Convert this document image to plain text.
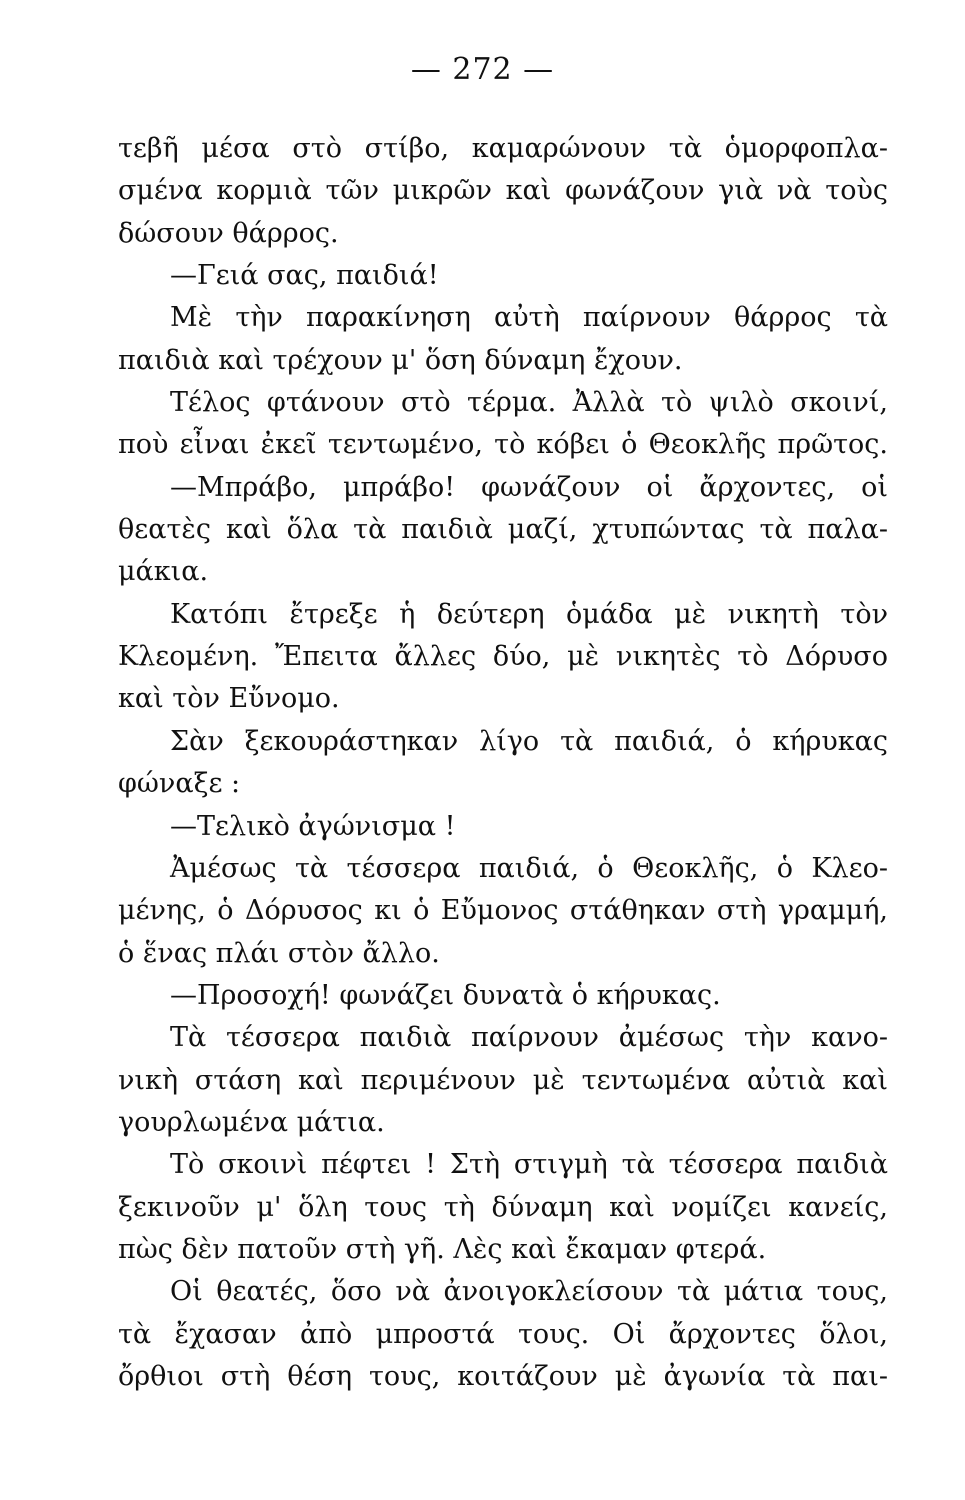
— 272 —
τεβῆ μέσα στὸ στίβο, καμαρώνουν τὰ ὁμορφοπλα-
σμένα κορμιὰ τῶν μικρῶν καὶ φωνάζουν γιὰ νὰ τοὺς
δώσουν θάρρος.
—Γειά σας, παιδιά!
Μὲ τὴν παρακίνηση αὐτὴ παίρνουν θάρρος τὰ
παιδιὰ καὶ τρέχουν μ' ὅση δύναμη ἔχουν.
Τέλος φτάνουν στὸ τέρμα. Ἀλλὰ τὸ ψιλὸ σκοινί,
ποὺ εἶναι ἐκεῖ τεντωμένο, τὸ κόβει ὁ Θεοκλῆς πρῶτος.
—Μπράβο, μπράβο! φωνάζουν οἱ ἄρχοντες, οἱ
θεατὲς καὶ ὅλα τὰ παιδιὰ μαζί, χτυπώντας τὰ παλα-
μάκια.
Κατόπι ἔτρεξε ἡ δεύτερη ὁμάδα μὲ νικητὴ τὸν
Κλεομένη. Ἔπειτα ἄλλες δύο, μὲ νικητὲς τὸ Δόρυσο
καὶ τὸν Εὔνομο.
Σὰν ξεκουράστηκαν λίγο τὰ παιδιά, ὁ κήρυκας
φώναξε :
—Τελικὸ ἀγώνισμα !
Ἀμέσως τὰ τέσσερα παιδιά, ὁ Θεοκλῆς, ὁ Κλεο-
μένης, ὁ Δόρυσος κι ὁ Εὔμονος στάθηκαν στὴ γραμμή,
ὁ ἕνας πλάι στὸν ἄλλο.
—Προσοχή! φωνάζει δυνατὰ ὁ κήρυκας.
Τὰ τέσσερα παιδιὰ παίρνουν ἀμέσως τὴν κανο-
νικὴ στάση καὶ περιμένουν μὲ τεντωμένα αὐτιὰ καὶ
γουρλωμένα μάτια.
Τὸ σκοινὶ πέφτει ! Στὴ στιγμὴ τὰ τέσσερα παιδιὰ
ξεκινοῦν μ' ὅλη τους τὴ δύναμη καὶ νομίζει κανείς,
πὼς δὲν πατοῦν στὴ γῆ. Λὲς καὶ ἔκαμαν φτερά.
Οἱ θεατές, ὅσο νὰ ἀνοιγοκλείσουν τὰ μάτια τους,
τὰ ἔχασαν ἀπὸ μπροστά τους. Οἱ ἄρχοντες ὅλοι,
ὄρθιοι στὴ θέση τους, κοιτάζουν μὲ ἀγωνία τὰ παι-
